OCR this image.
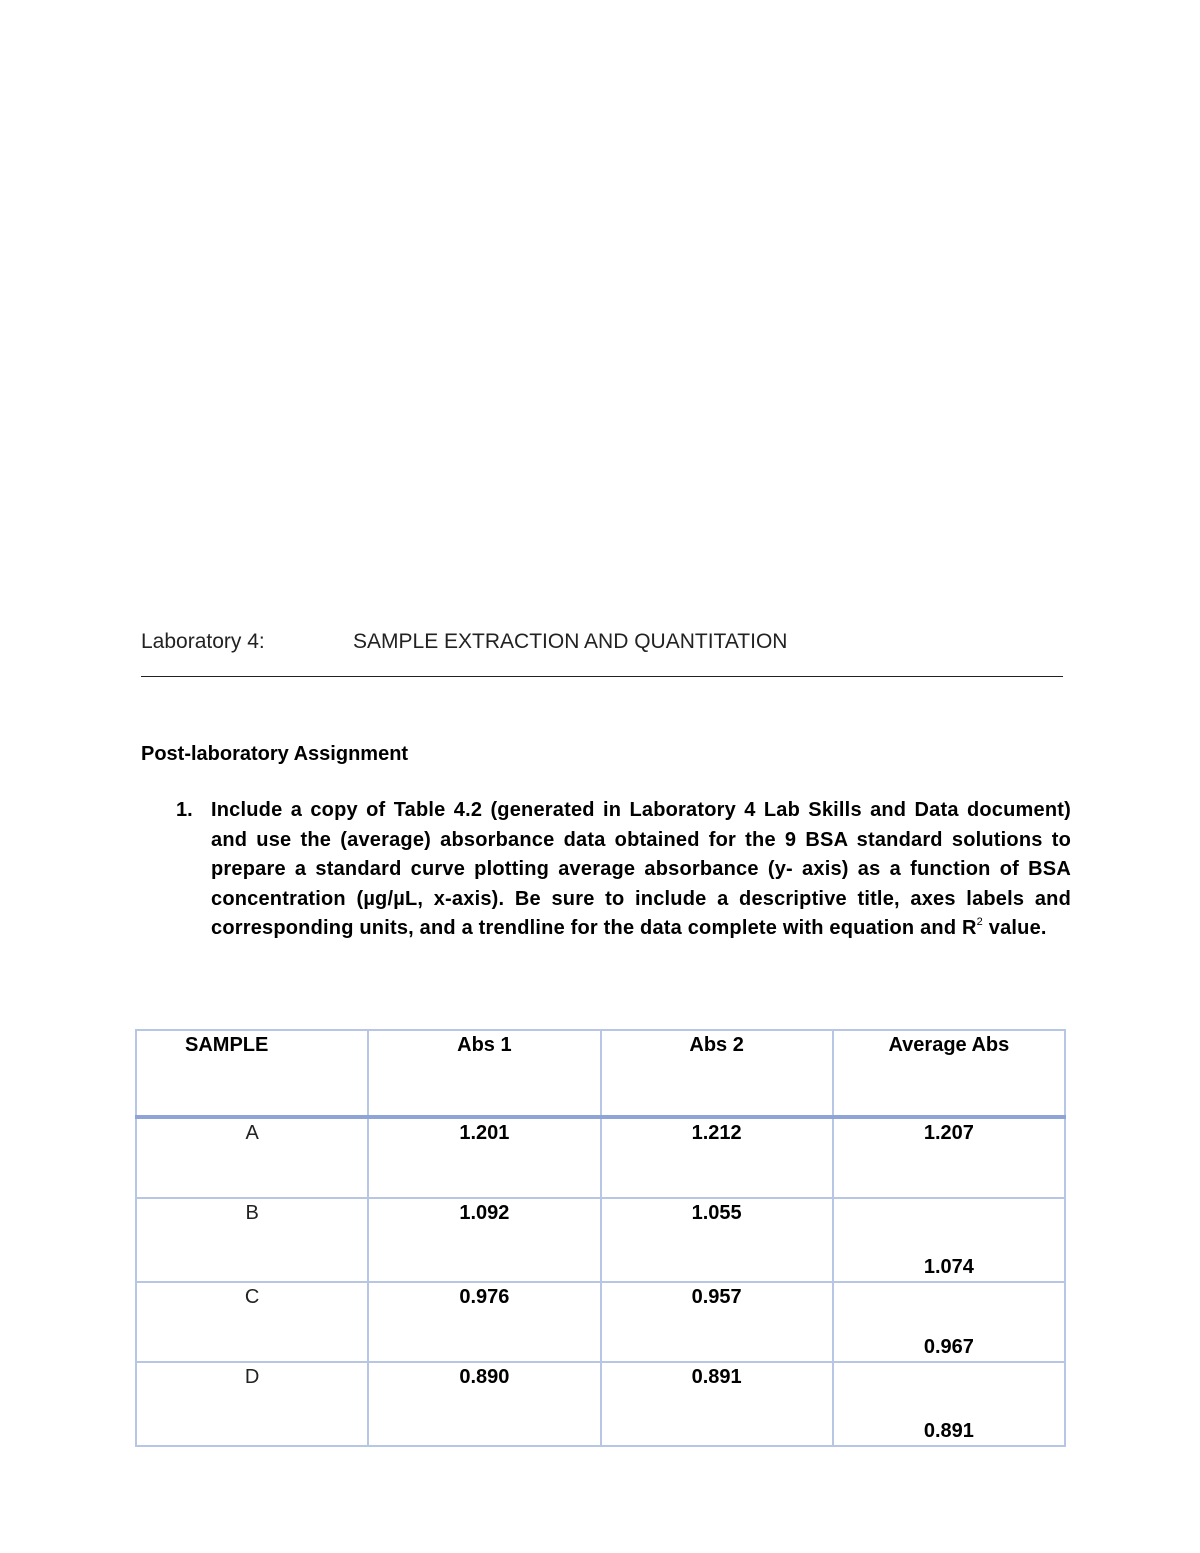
Laboratory 4:	SAMPLE EXTRACTION AND QUANTITATION
Post-laboratory Assignment
1. Include a copy of Table 4.2 (generated in Laboratory 4 Lab Skills and Data document) and use the (average) absorbance data obtained for the 9 BSA standard solutions to prepare a standard curve plotting average absorbance (y- axis) as a function of BSA concentration (µg/µL, x-axis). Be sure to include a descriptive title, axes labels and corresponding units, and a trendline for the data complete with equation and $R^2$ value.
SAMPLE	Abs 1	Abs 2	Average Abs

A	1.201	1.212	1.207

B	1.092	1.055	1.074

C	0.976	0.957	0.967

D	0.890	0.891	0.891
